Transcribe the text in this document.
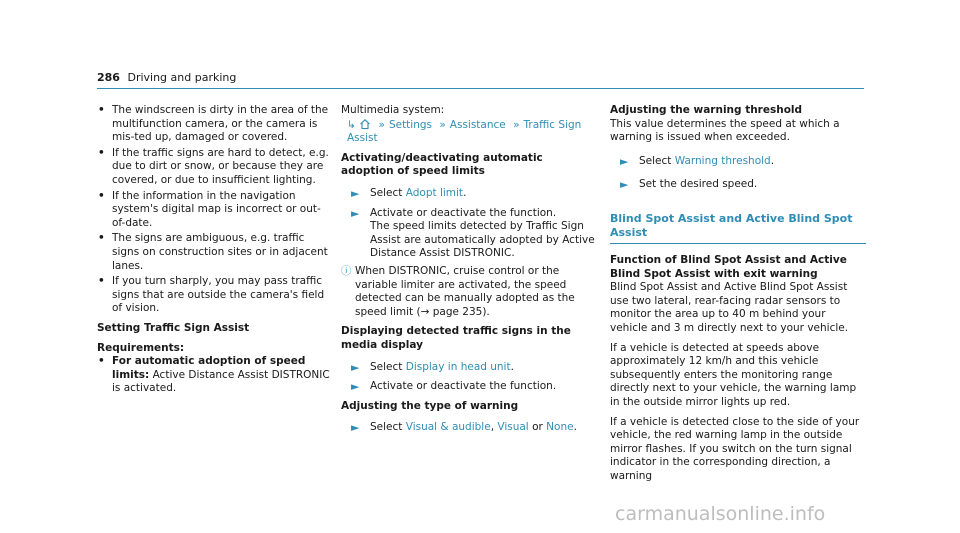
286 Driving and parking

• The windscreen is dirty in the area of the multifunction camera, or the camera is mis-ted up, damaged or covered.

• If the traffic signs are hard to detect, e.g. due to dirt or snow, or because they are covered, or due to insufficient lighting.

• If the information in the navigation system's digital map is incorrect or out-of-date.

• The signs are ambiguous, e.g. traffic signs on construction sites or in adjacent lanes.

• If you turn sharply, you may pass traffic signs that are outside the camera's field of vision.

Setting Traffic Sign Assist

Requirements:

• For automatic adoption of speed limits: Active Distance Assist DISTRONIC is activated.

Multimedia system:

↳ » Settings » Assistance » Traffic Sign Assist

Activating/deactivating automatic adoption of speed limits

► Select Adopt limit.
► Activate or deactivate the function.
The speed limits detected by Traffic Sign Assist are automatically adopted by Active Distance Assist DISTRONIC.
ⓘ When DISTRONIC, cruise control or the variable limiter are activated, the speed detected can be manually adopted as the speed limit (→ page 235).

Displaying detected traffic signs in the media display

► Select Display in head unit.
► Activate or deactivate the function.

Adjusting the type of warning

► Select Visual & audible, Visual or None.

Adjusting the warning threshold

This value determines the speed at which a warning is issued when exceeded.

► Select Warning threshold.
► Set the desired speed.

Blind Spot Assist and Active Blind Spot Assist

Function of Blind Spot Assist and Active Blind Spot Assist with exit warning

Blind Spot Assist and Active Blind Spot Assist use two lateral, rear-facing radar sensors to monitor the area up to 40 m behind your vehicle and 3 m directly next to your vehicle.

If a vehicle is detected at speeds above approximately 12 km/h and this vehicle subsequently enters the monitoring range directly next to your vehicle, the warning lamp in the outside mirror lights up red.

If a vehicle is detected close to the side of your vehicle, the red warning lamp in the outside mirror flashes. If you switch on the turn signal indicator in the corresponding direction, a warning

carmanualsonline.info
